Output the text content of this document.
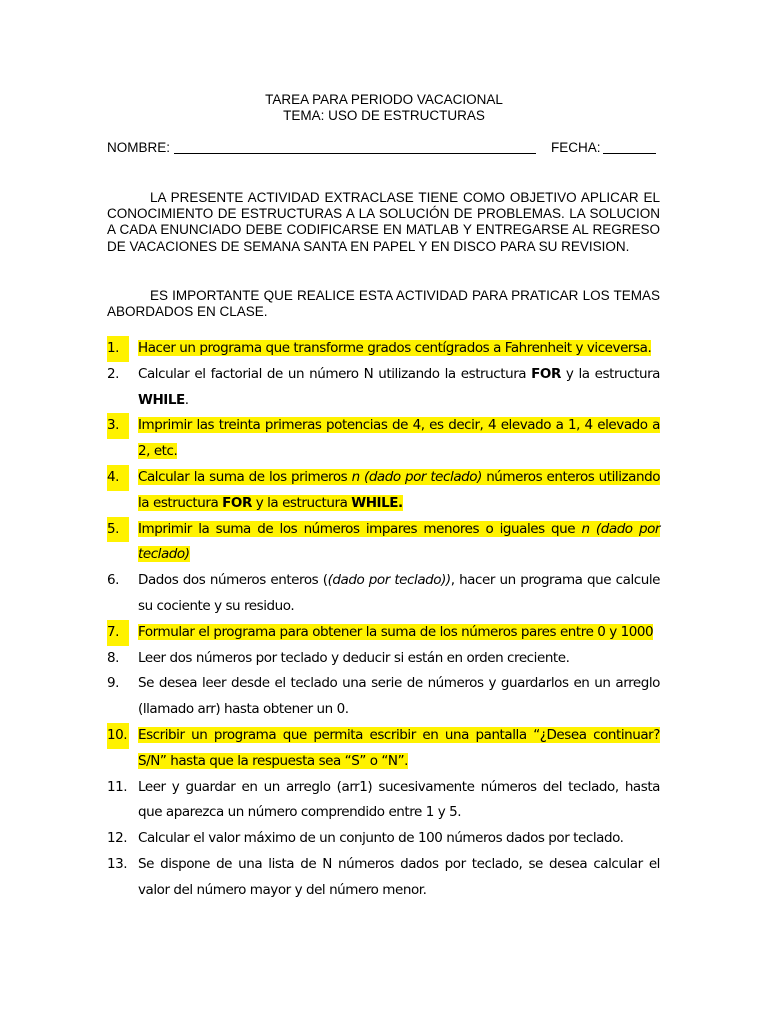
TAREA PARA PERIODO VACACIONAL
TEMA: USO DE ESTRUCTURAS
NOMBRE:	FECHA:
LA PRESENTE ACTIVIDAD EXTRACLASE TIENE COMO OBJETIVO APLICAR EL CONOCIMIENTO DE ESTRUCTURAS A LA SOLUCIÓN DE PROBLEMAS. LA SOLUCION A CADA ENUNCIADO DEBE CODIFICARSE EN MATLAB Y ENTREGARSE AL REGRESO DE VACACIONES DE SEMANA SANTA EN PAPEL Y EN DISCO PARA SU REVISION.
ES IMPORTANTE QUE REALICE ESTA ACTIVIDAD PARA PRATICAR LOS TEMAS ABORDADOS EN CLASE.
1.	Hacer un programa que transforme grados centígrados a Fahrenheit y viceversa.
2.	Calcular el factorial de un número N utilizando la estructura FOR y la estructura WHILE.
3.	Imprimir las treinta primeras potencias de 4, es decir, 4 elevado a 1, 4 elevado a 2, etc.
4.	Calcular la suma de los primeros n (dado por teclado) números enteros utilizando la estructura FOR y la estructura WHILE.
5.	Imprimir la suma de los números impares menores o iguales que n (dado por teclado)
6.	Dados dos números enteros ((dado por teclado)), hacer un programa que calcule su cociente y su residuo.
7.	Formular el programa para obtener la suma de los números pares entre 0 y 1000
8.	Leer dos números por teclado y deducir si están en orden creciente.
9.	Se desea leer desde el teclado una serie de números y guardarlos en un arreglo (llamado arr) hasta obtener un 0.
10. Escribir un programa que permita escribir en una pantalla “¿Desea continuar? S/N” hasta que la respuesta sea “S” o “N”.
11. Leer y guardar en un arreglo (arr1) sucesivamente números del teclado, hasta que aparezca un número comprendido entre 1 y 5.
12. Calcular el valor máximo de un conjunto de 100 números dados por teclado.
13. Se dispone de una lista de N números dados por teclado, se desea calcular el valor del número mayor y del número menor.
